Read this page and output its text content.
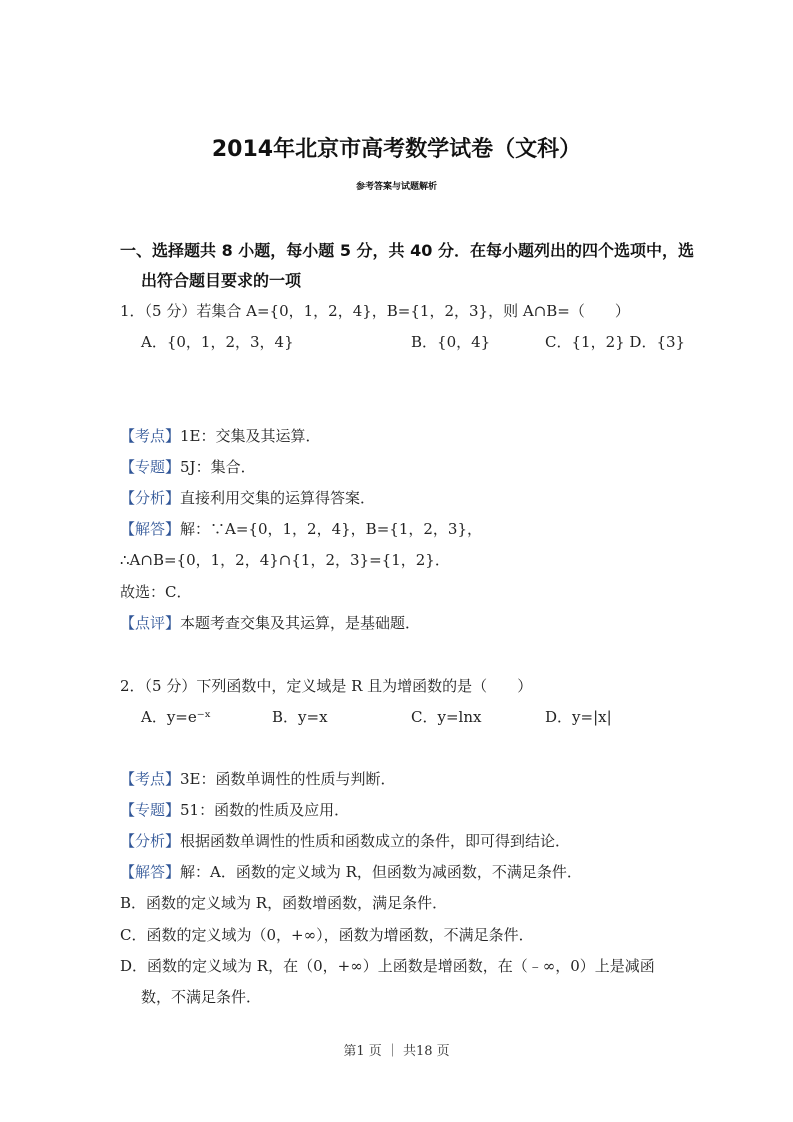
2014年北京市高考数学试卷（文科）
参考答案与试题解析
一、选择题共 8 小题，每小题 5 分，共 40 分．在每小题列出的四个选项中，选
出符合题目要求的一项
1．（5 分）若集合 A={0，1，2，4}，B={1，2，3}，则 A∩B=（　　）
A．{0，1，2，3，4}	B．{0，4}	C．{1，2} D．{3}
【考点】1E：交集及其运算．
【专题】5J：集合．
【分析】直接利用交集的运算得答案．
【解答】解：∵A={0，1，2，4}，B={1，2，3}，
∴A∩B={0，1，2，4}∩{1，2，3}={1，2}．
故选：C．
【点评】本题考查交集及其运算，是基础题．
2．（5 分）下列函数中，定义域是 R 且为增函数的是（　　）
A．y=e⁻ˣ	B．y=x	C．y=lnx	D．y=|x|
【考点】3E：函数单调性的性质与判断．
【专题】51：函数的性质及应用．
【分析】根据函数单调性的性质和函数成立的条件，即可得到结论．
【解答】解：A．函数的定义域为 R，但函数为减函数，不满足条件．
B．函数的定义域为 R，函数增函数，满足条件．
C．函数的定义域为（0，+∞），函数为增函数，不满足条件．
D．函数的定义域为 R，在（0，+∞）上函数是增函数，在（﹣∞，0）上是减函
数，不满足条件．
第1 页 ｜ 共18 页
